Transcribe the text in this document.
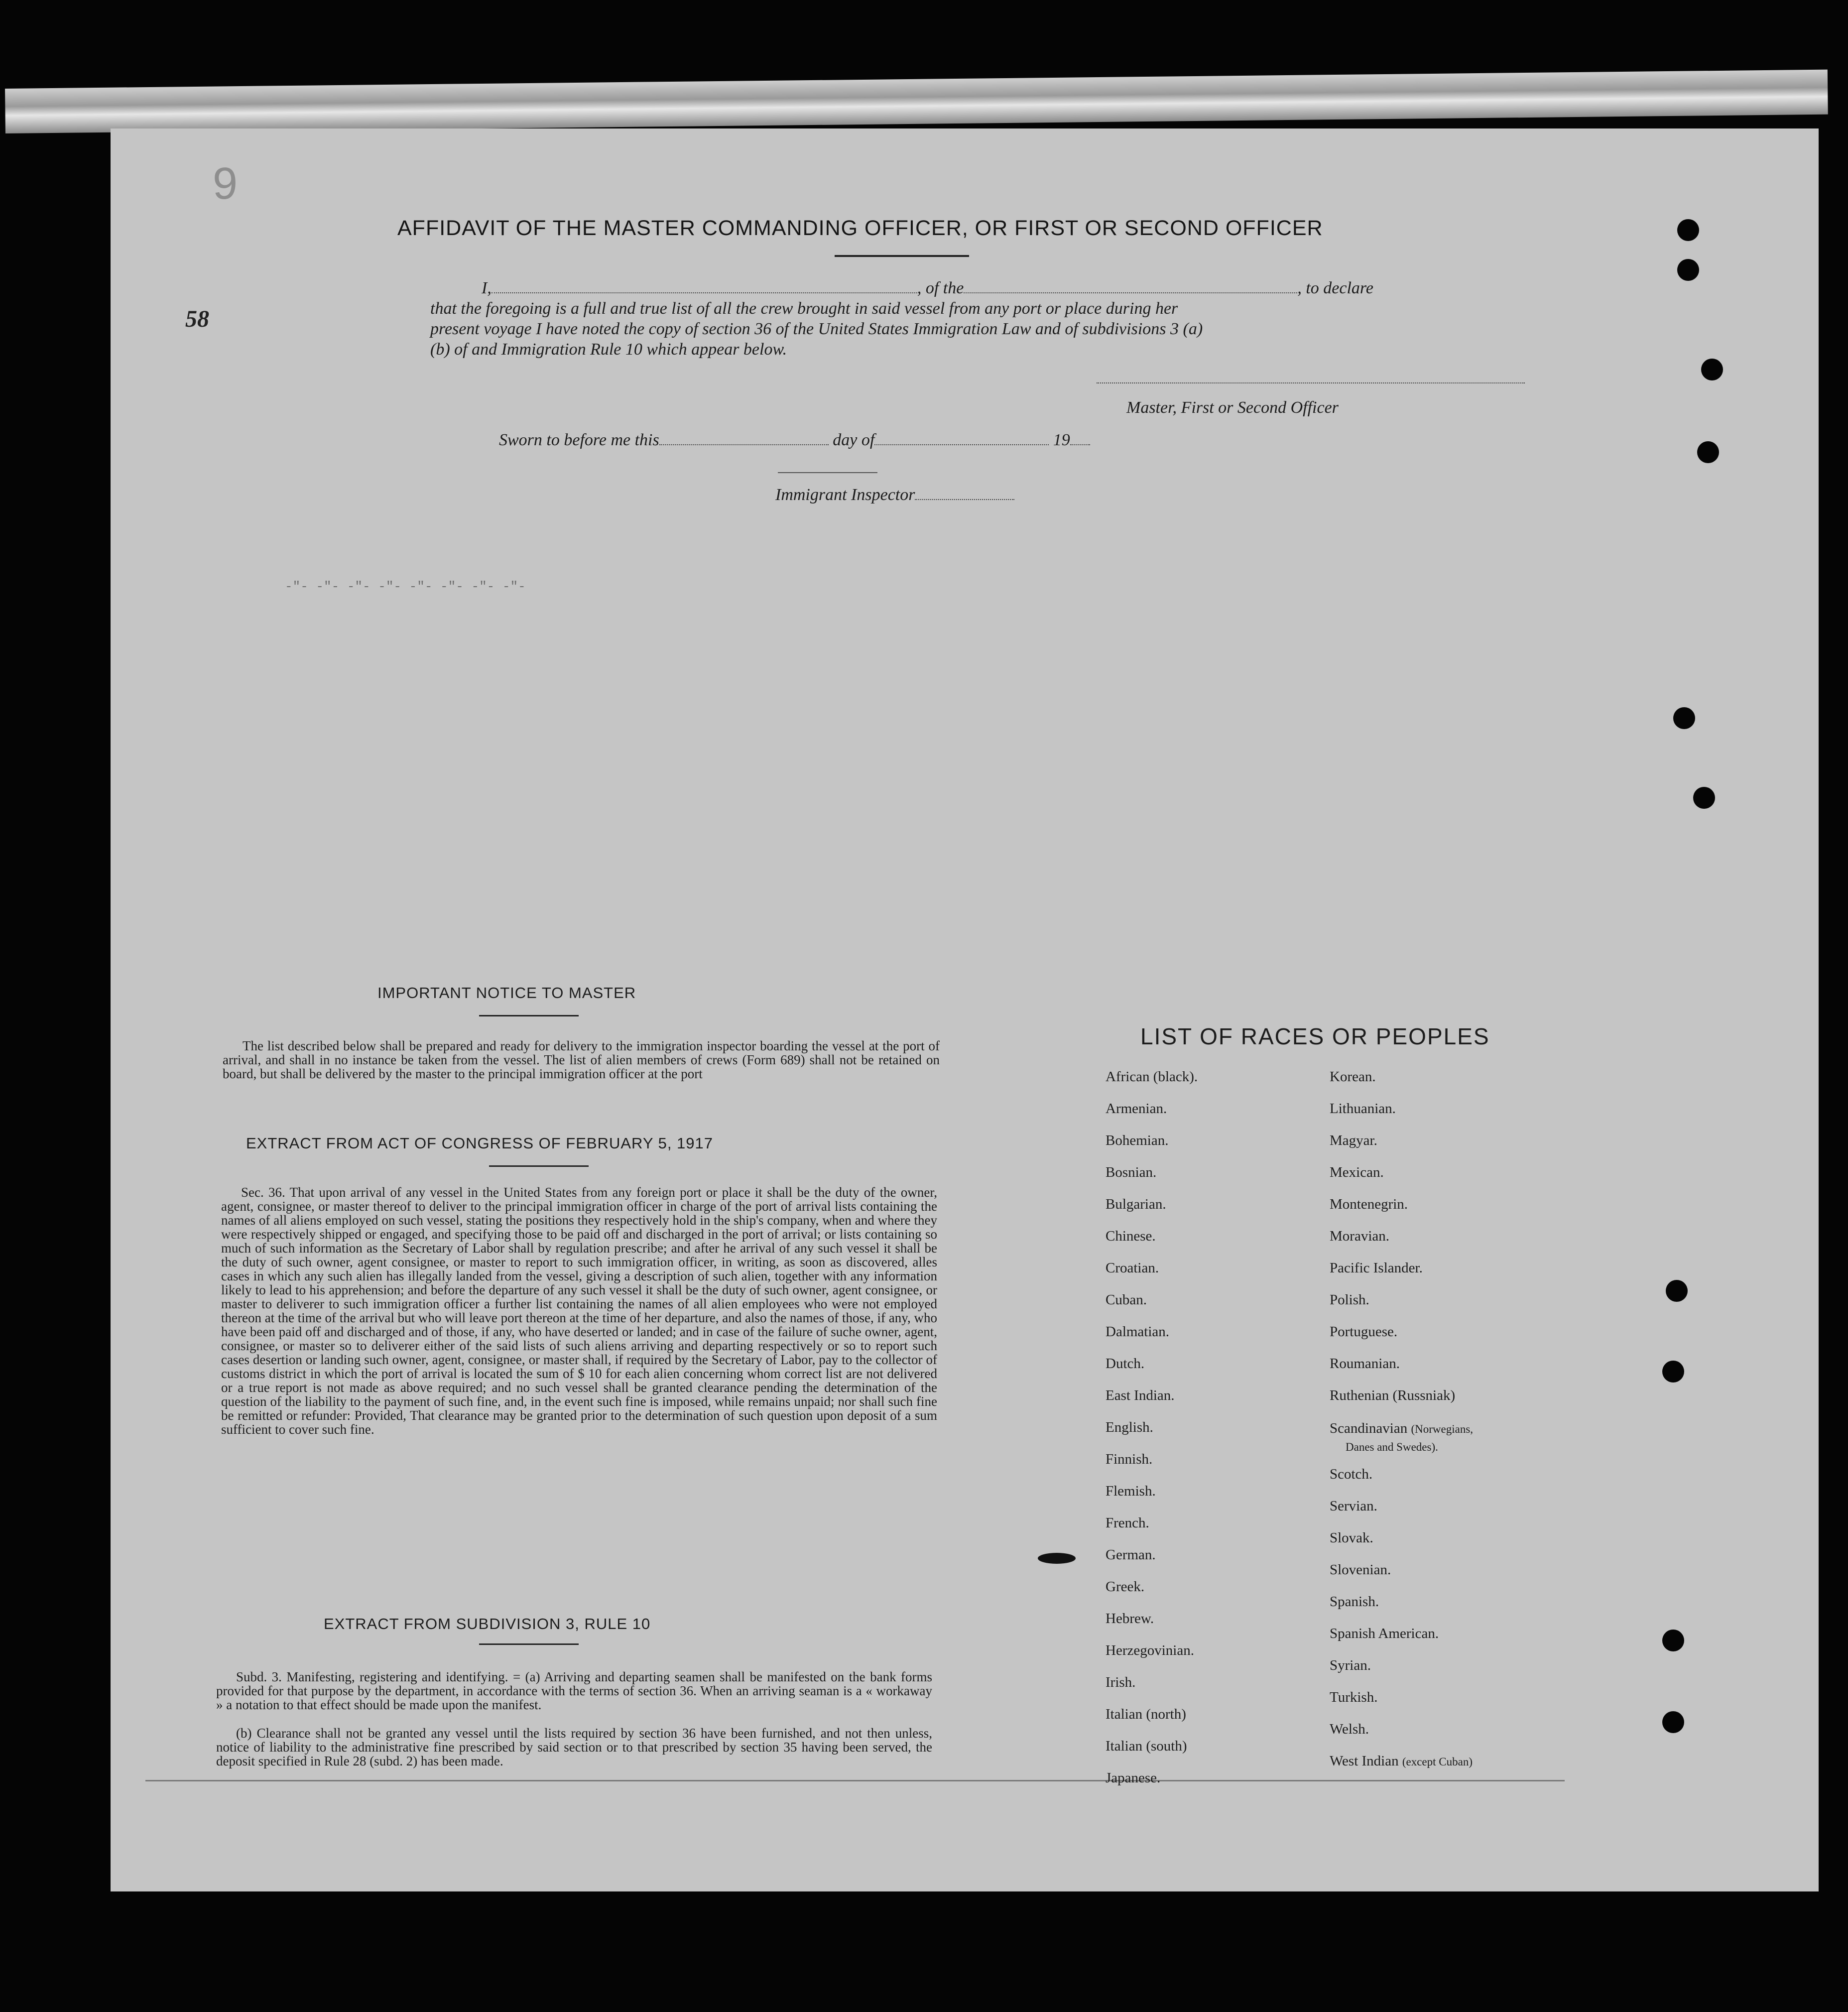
-"- -"- -"- -"- -"- -"- -"- -"-
9
58
AFFIDAVIT OF THE MASTER COMMANDING OFFICER, OR FIRST OR SECOND OFFICER
I,	, of the	, to declare
that the foregoing is a full and true list of all the crew brought in said vessel from any port or place during her
present voyage I have noted the copy of section 36 of the United States Immigration Law and of subdivisions 3 (a)
(b) of and Immigration Rule 10 which appear below.
Master, First or Second Officer
Sworn to before me this	day of	19
Immigrant Inspector
IMPORTANT NOTICE TO MASTER
The list described below shall be prepared and ready for delivery to the immigration inspector boarding the vessel at the port of arrival, and shall in no instance be taken from the vessel. The list of alien members of crews (Form 689) shall not be retained on board, but shall be delivered by the master to the principal immigration officer at the port
EXTRACT FROM ACT OF CONGRESS OF FEBRUARY 5, 1917
Sec. 36. That upon arrival of any vessel in the United States from any foreign port or place it shall be the duty of the owner, agent, consignee, or master thereof to deliver to the principal immigration officer in charge of the port of arrival lists containing the names of all aliens employed on such vessel, stating the positions they respectively hold in the ship's company, when and where they were respectively shipped or engaged, and specifying those to be paid off and discharged in the port of arrival; or lists containing so much of such information as the Secretary of Labor shall by regulation prescribe; and after he arrival of any such vessel it shall be the duty of such owner, agent consignee, or master to report to such immigration officer, in writing, as soon as discovered, alles cases in which any such alien has illegally landed from the vessel, giving a description of such alien, together with any information likely to lead to his apprehension; and before the departure of any such vessel it shall be the duty of such owner, agent consignee, or master to deliverer to such immigration officer a further list containing the names of all alien employees who were not employed thereon at the time of the arrival but who will leave port thereon at the time of her departure, and also the names of those, if any, who have been paid off and discharged and of those, if any, who have deserted or landed; and in case of the failure of suche owner, agent, consignee, or master so to deliverer either of the said lists of such aliens arriving and departing respectively or so to report such cases desertion or landing such owner, agent, consignee, or master shall, if required by the Secretary of Labor, pay to the collector of customs district in which the port of arrival is located the sum of $ 10 for each alien concerning whom correct list are not delivered or a true report is not made as above required; and no such vessel shall be granted clearance pending the determination of the question of the liability to the payment of such fine, and, in the event such fine is imposed, while remains unpaid; nor shall such fine be remitted or refunder: Provided, That clearance may be granted prior to the determination of such question upon deposit of a sum sufficient to cover such fine.
EXTRACT FROM SUBDIVISION 3, RULE 10
Subd. 3. Manifesting, registering and identifying. = (a) Arriving and departing seamen shall be manifested on the bank forms provided for that purpose by the department, in accordance with the terms of section 36. When an arriving seaman is a « workaway » a notation to that effect should be made upon the manifest.
(b) Clearance shall not be granted any vessel until the lists required by section 36 have been furnished, and not then unless, notice of liability to the administrative fine prescribed by said section or to that prescribed by section 35 having been served, the deposit specified in Rule 28 (subd. 2) has been made.
LIST OF RACES OR PEOPLES
African (black).
Armenian.
Bohemian.
Bosnian.
Bulgarian.
Chinese.
Croatian.
Cuban.
Dalmatian.
Dutch.
East Indian.
English.
Finnish.
Flemish.
French.
German.
Greek.
Hebrew.
Herzegovinian.
Irish.
Italian (north)
Italian (south)
Japanese.
Korean.
Lithuanian.
Magyar.
Mexican.
Montenegrin.
Moravian.
Pacific Islander.
Polish.
Portuguese.
Roumanian.
Ruthenian (Russniak)
Scandinavian (Norwegians,
Danes and Swedes).
Scotch.
Servian.
Slovak.
Slovenian.
Spanish.
Spanish American.
Syrian.
Turkish.
Welsh.
West Indian (except Cuban)
